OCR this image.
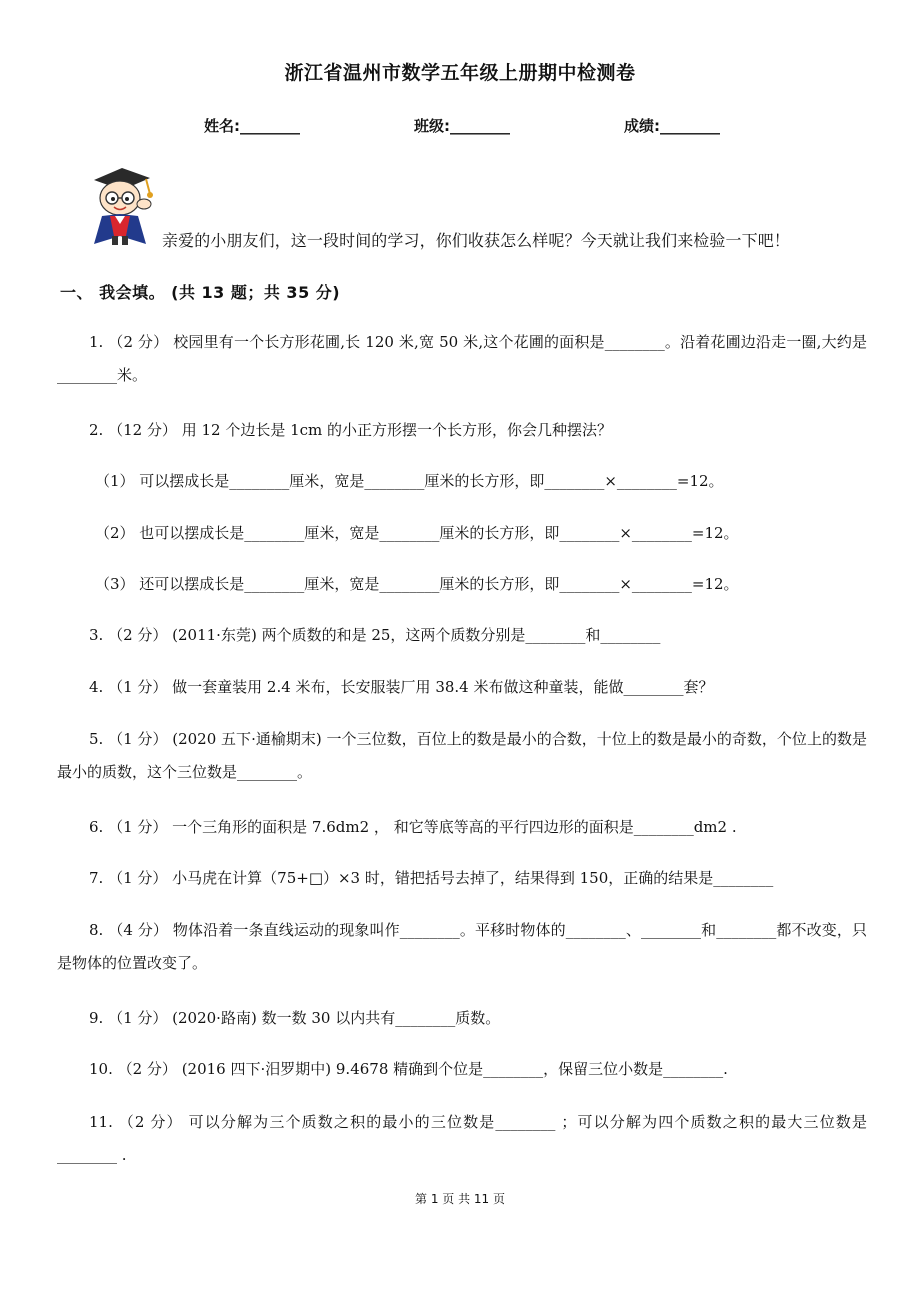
浙江省温州市数学五年级上册期中检测卷
姓名:________	班级:________	成绩:________
亲爱的小朋友们，这一段时间的学习，你们收获怎么样呢？今天就让我们来检验一下吧！
一、 我会填。 (共 13 题；共 35 分)
1. （2 分） 校园里有一个长方形花圃,长 120 米,宽 50 米,这个花圃的面积是________。沿着花圃边沿走一圈,大约是________米。
2. （12 分） 用 12 个边长是 1cm 的小正方形摆一个长方形，你会几种摆法？
（1） 可以摆成长是________厘米，宽是________厘米的长方形，即________×________=12。
（2） 也可以摆成长是________厘米，宽是________厘米的长方形，即________×________=12。
（3） 还可以摆成长是________厘米，宽是________厘米的长方形，即________×________=12。
3. （2 分） (2011·东莞) 两个质数的和是 25，这两个质数分别是________和________
4. （1 分） 做一套童装用 2.4 米布，长安服装厂用 38.4 米布做这种童装，能做________套？
5. （1 分） (2020 五下·通榆期末) 一个三位数，百位上的数是最小的合数，十位上的数是最小的奇数，个位上的数是最小的质数，这个三位数是________。
6. （1 分） 一个三角形的面积是 7.6dm2 ， 和它等底等高的平行四边形的面积是________dm2 .
7. （1 分） 小马虎在计算（75+□）×3 时，错把括号去掉了，结果得到 150，正确的结果是________
8. （4 分） 物体沿着一条直线运动的现象叫作________。平移时物体的________、________和________都不改变，只是物体的位置改变了。
9. （1 分） (2020·路南) 数一数 30 以内共有________质数。
10. （2 分） (2016 四下·汨罗期中) 9.4678 精确到个位是________，保留三位小数是________.
11. （2 分） 可以分解为三个质数之积的最小的三位数是________ ；可以分解为四个质数之积的最大三位数是________ .
第 1 页 共 11 页
